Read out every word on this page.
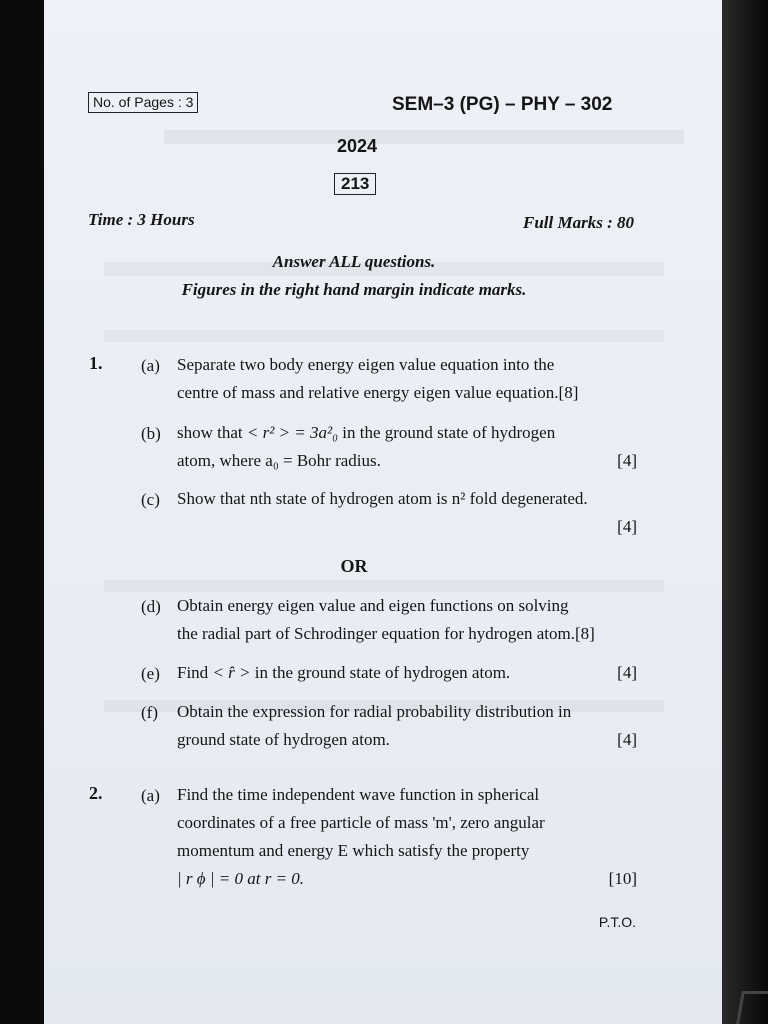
No. of Pages : 3	SEM–3 (PG) – PHY – 302
2024
213
Time : 3 Hours	Full Marks : 80
Answer ALL questions.
Figures in the right hand margin indicate marks.
1. (a) Separate two body energy eigen value equation into the
centre of mass and relative energy eigen value equation.[8]
(b) show that < r² > = 3a²₀ in the ground state of hydrogen
atom, where a₀ = Bohr radius.	[4]
(c) Show that nth state of hydrogen atom is n² fold degenerated.
[4]
OR
(d) Obtain energy eigen value and eigen functions on solving
the radial part of Schrodinger equation for hydrogen atom.[8]
(e) Find < r̂ > in the ground state of hydrogen atom.	[4]
(f) Obtain the expression for radial probability distribution in
ground state of hydrogen atom.	[4]
2. (a) Find the time independent wave function in spherical
coordinates of a free particle of mass 'm', zero angular
momentum and energy E which satisfy the property
| r ϕ | = 0 at r = 0.	[10]
P.T.O.
